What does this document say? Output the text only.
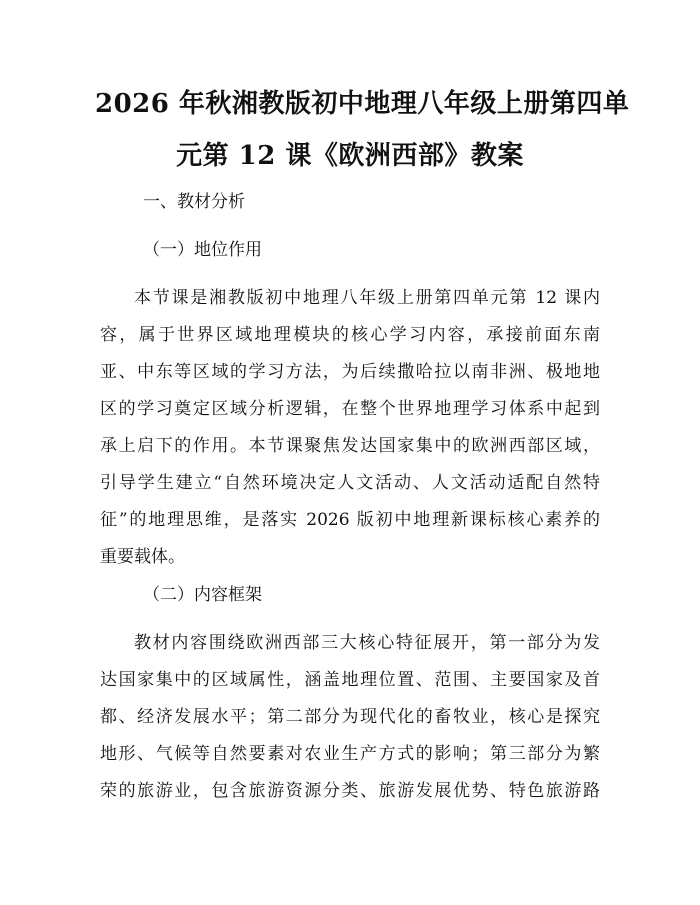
2026 年秋湘教版初中地理八年级上册第四单
元第 12 课《欧洲西部》教案

一、教材分析

（一）地位作用

本节课是湘教版初中地理八年级上册第四单元第 12 课内
容，属于世界区域地理模块的核心学习内容，承接前面东南
亚、中东等区域的学习方法，为后续撒哈拉以南非洲、极地地
区的学习奠定区域分析逻辑，在整个世界地理学习体系中起到
承上启下的作用。本节课聚焦发达国家集中的欧洲西部区域，
引导学生建立“自然环境决定人文活动、人文活动适配自然特
征”的地理思维，是落实 2026 版初中地理新课标核心素养的
重要载体。

（二）内容框架

教材内容围绕欧洲西部三大核心特征展开，第一部分为发
达国家集中的区域属性，涵盖地理位置、范围、主要国家及首
都、经济发展水平；第二部分为现代化的畜牧业，核心是探究
地形、气候等自然要素对农业生产方式的影响；第三部分为繁
荣的旅游业，包含旅游资源分类、旅游发展优势、特色旅游路
